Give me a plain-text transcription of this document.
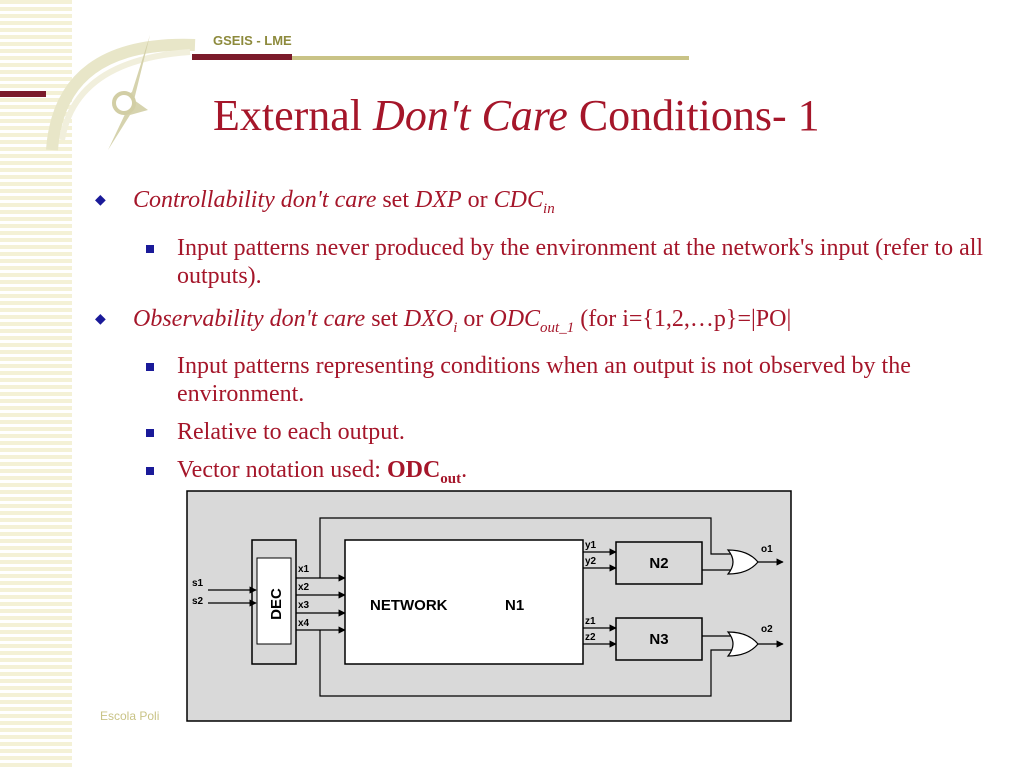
GSEIS - LME
External Don't Care Conditions- 1
◆ Controllability don't care set DXP or $CDC_{in}$
Input patterns never produced by the environment at the network's input (refer to all outputs).
◆ Observability don't care set $DXO_i$ or $ODC_{out\_1}$ (for i={1,2,…p}=|PO|
Input patterns representing conditions when an output is not observed by the environment.
Relative to each output.
Vector notation used: $ODC_{out}$.
DEC
s1
s2	NETWORK	N1
x1
x2
x3
x4
N2
N3
y1
y2
z1
z2
o1
o2
Escola Poli
